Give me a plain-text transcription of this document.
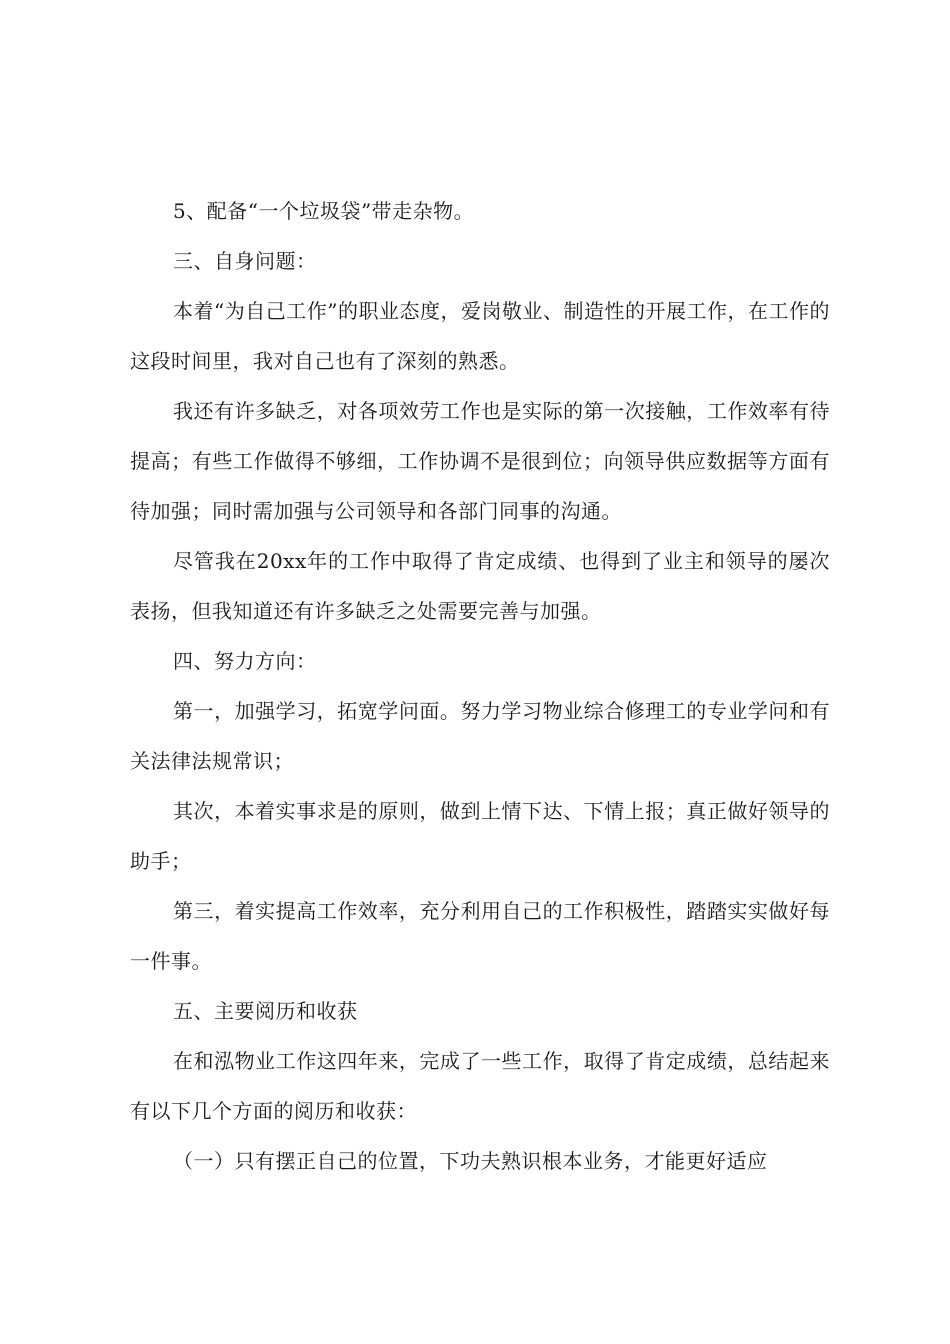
5、配备“一个垃圾袋”带走杂物。

三、自身问题：

本着“为自己工作”的职业态度，爱岗敬业、制造性的开展工作，在工作的这段时间里，我对自己也有了深刻的熟悉。

我还有许多缺乏，对各项效劳工作也是实际的第一次接触，工作效率有待提高；有些工作做得不够细，工作协调不是很到位；向领导供应数据等方面有待加强；同时需加强与公司领导和各部门同事的沟通。

尽管我在20xx年的工作中取得了肯定成绩、也得到了业主和领导的屡次表扬，但我知道还有许多缺乏之处需要完善与加强。

四、努力方向：

第一，加强学习，拓宽学问面。努力学习物业综合修理工的专业学问和有关法律法规常识；

其次，本着实事求是的原则，做到上情下达、下情上报；真正做好领导的助手；

第三，着实提高工作效率，充分利用自己的工作积极性，踏踏实实做好每一件事。

五、主要阅历和收获

在和泓物业工作这四年来，完成了一些工作，取得了肯定成绩，总结起来有以下几个方面的阅历和收获：

（一）只有摆正自己的位置，下功夫熟识根本业务，才能更好适应
